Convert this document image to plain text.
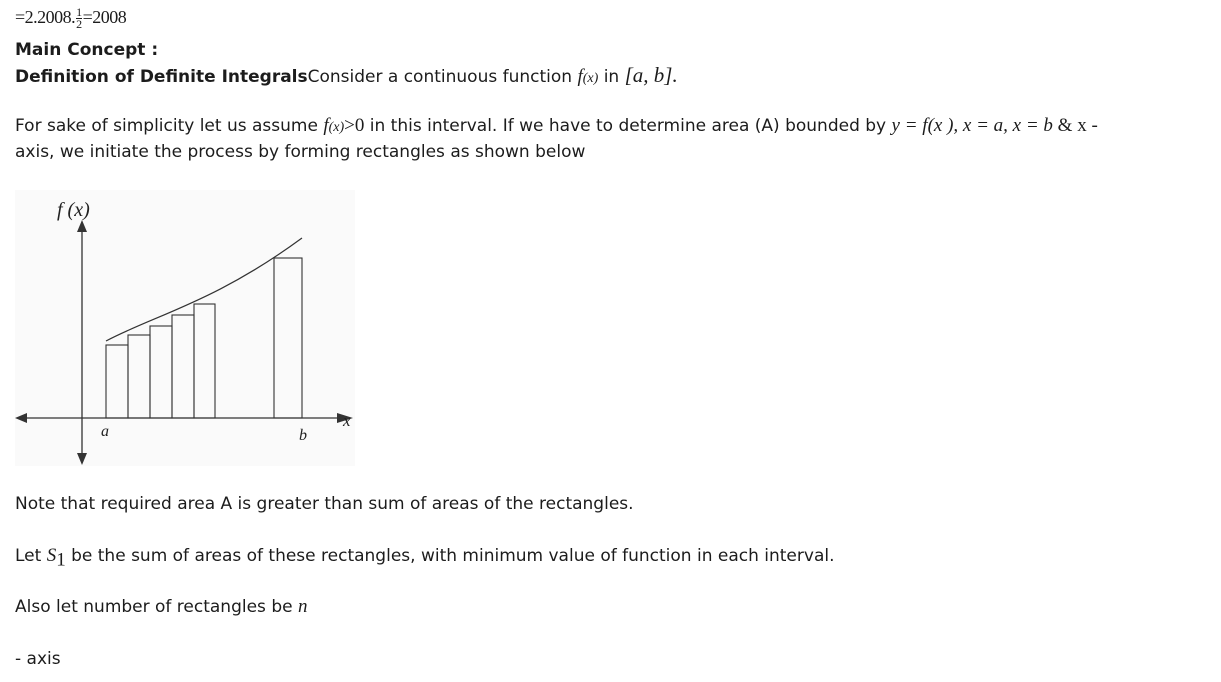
=2.2008. $\frac{1}{2} =2008$
Main Concept :
Definition of Definite IntegralsConsider a continuous function f(x) in [a, b].
For sake of simplicity let us assume f(x)>0 in this interval. If we have to determine area (A) bounded by y = f(x ), x = a, x = b & x -
axis, we initiate the process by forming rectangles as shown below
f (x)
x
a	b
Note that required area A is greater than sum of areas of the rectangles.
Let $S_1$ be the sum of areas of these rectangles, with minimum value of function in each interval.
Also let number of rectangles be n
- axis
